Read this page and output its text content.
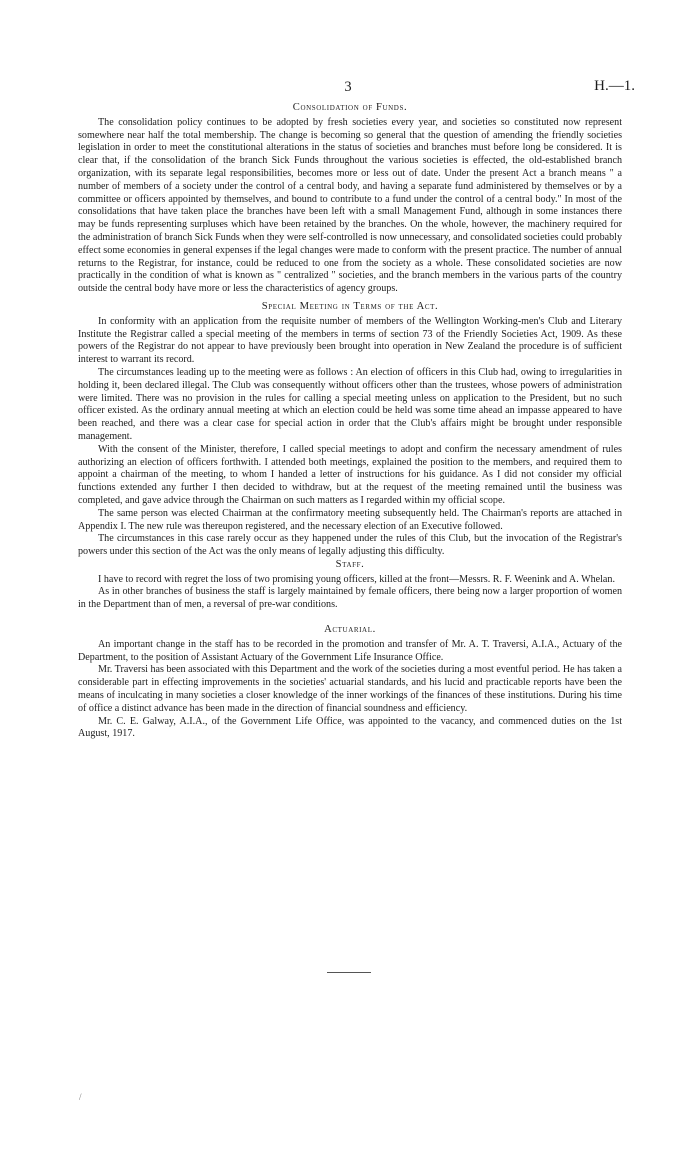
3	H.—1.
Consolidation of Funds.

The consolidation policy continues to be adopted by fresh societies every year, and societies so constituted now represent somewhere near half the total membership. The change is becoming so general that the question of amending the friendly societies legislation in order to meet the constitutional alterations in the status of societies and branches must before long be considered. It is clear that, if the consolidation of the branch Sick Funds throughout the various societies is effected, the old-established branch organization, with its separate legal responsibilities, becomes more or less out of date. Under the present Act a branch means " a number of members of a society under the control of a central body, and having a separate fund administered by themselves or by a committee or officers appointed by themselves, and bound to contribute to a fund under the control of a central body." In most of the consolidations that have taken place the branches have been left with a small Management Fund, although in some instances there may be funds representing surpluses which have been retained by the branches. On the whole, however, the machinery required for the administration of branch Sick Funds when they were self-controlled is now unnecessary, and consolidated societies could probably effect some economies in general expenses if the legal changes were made to conform with the present practice. The number of annual returns to the Registrar, for instance, could be reduced to one from the society as a whole. These consolidated societies are now practically in the condition of what is known as " centralized " societies, and the branch members in the various parts of the country outside the central body have more or less the characteristics of agency groups.

Special Meeting in Terms of the Act.

In conformity with an application from the requisite number of members of the Wellington Working-men's Club and Literary Institute the Registrar called a special meeting of the members in terms of section 73 of the Friendly Societies Act, 1909. As these powers of the Registrar do not appear to have previously been brought into operation in New Zealand the procedure is of sufficient interest to warrant its record.

The circumstances leading up to the meeting were as follows : An election of officers in this Club had, owing to irregularities in holding it, been declared illegal. The Club was consequently without officers other than the trustees, whose powers of administration were limited. There was no provision in the rules for calling a special meeting unless on application to the President, but no such officer existed. As the ordinary annual meeting at which an election could be held was some time ahead an impasse appeared to have been reached, and there was a clear case for special action in order that the Club's affairs might be brought under responsible management.

With the consent of the Minister, therefore, I called special meetings to adopt and confirm the necessary amendment of rules authorizing an election of officers forthwith. I attended both meetings, explained the position to the members, and required them to appoint a chairman of the meeting, to whom I handed a letter of instructions for his guidance. As I did not consider my official functions extended any further I then decided to withdraw, but at the request of the meeting remained until the business was completed, and gave advice through the Chairman on such matters as I regarded within my official scope.

The same person was elected Chairman at the confirmatory meeting subsequently held. The Chairman's reports are attached in Appendix I. The new rule was thereupon registered, and the necessary election of an Executive followed.

The circumstances in this case rarely occur as they happened under the rules of this Club, but the invocation of the Registrar's powers under this section of the Act was the only means of legally adjusting this difficulty.

Staff.

I have to record with regret the loss of two promising young officers, killed at the front—Messrs. R. F. Weenink and A. Whelan.

As in other branches of business the staff is largely maintained by female officers, there being now a larger proportion of women in the Department than of men, a reversal of pre-war conditions.

Actuarial.

An important change in the staff has to be recorded in the promotion and transfer of Mr. A. T. Traversi, A.I.A., Actuary of the Department, to the position of Assistant Actuary of the Government Life Insurance Office.

Mr. Traversi has been associated with this Department and the work of the societies during a most eventful period. He has taken a considerable part in effecting improvements in the societies' actuarial standards, and his lucid and practicable reports have been the means of inculcating in many societies a closer knowledge of the inner workings of the finances of these institutions. During his time of office a distinct advance has been made in the direction of financial soundness and efficiency.

Mr. C. E. Galway, A.I.A., of the Government Life Office, was appointed to the vacancy, and commenced duties on the 1st August, 1917.

/
